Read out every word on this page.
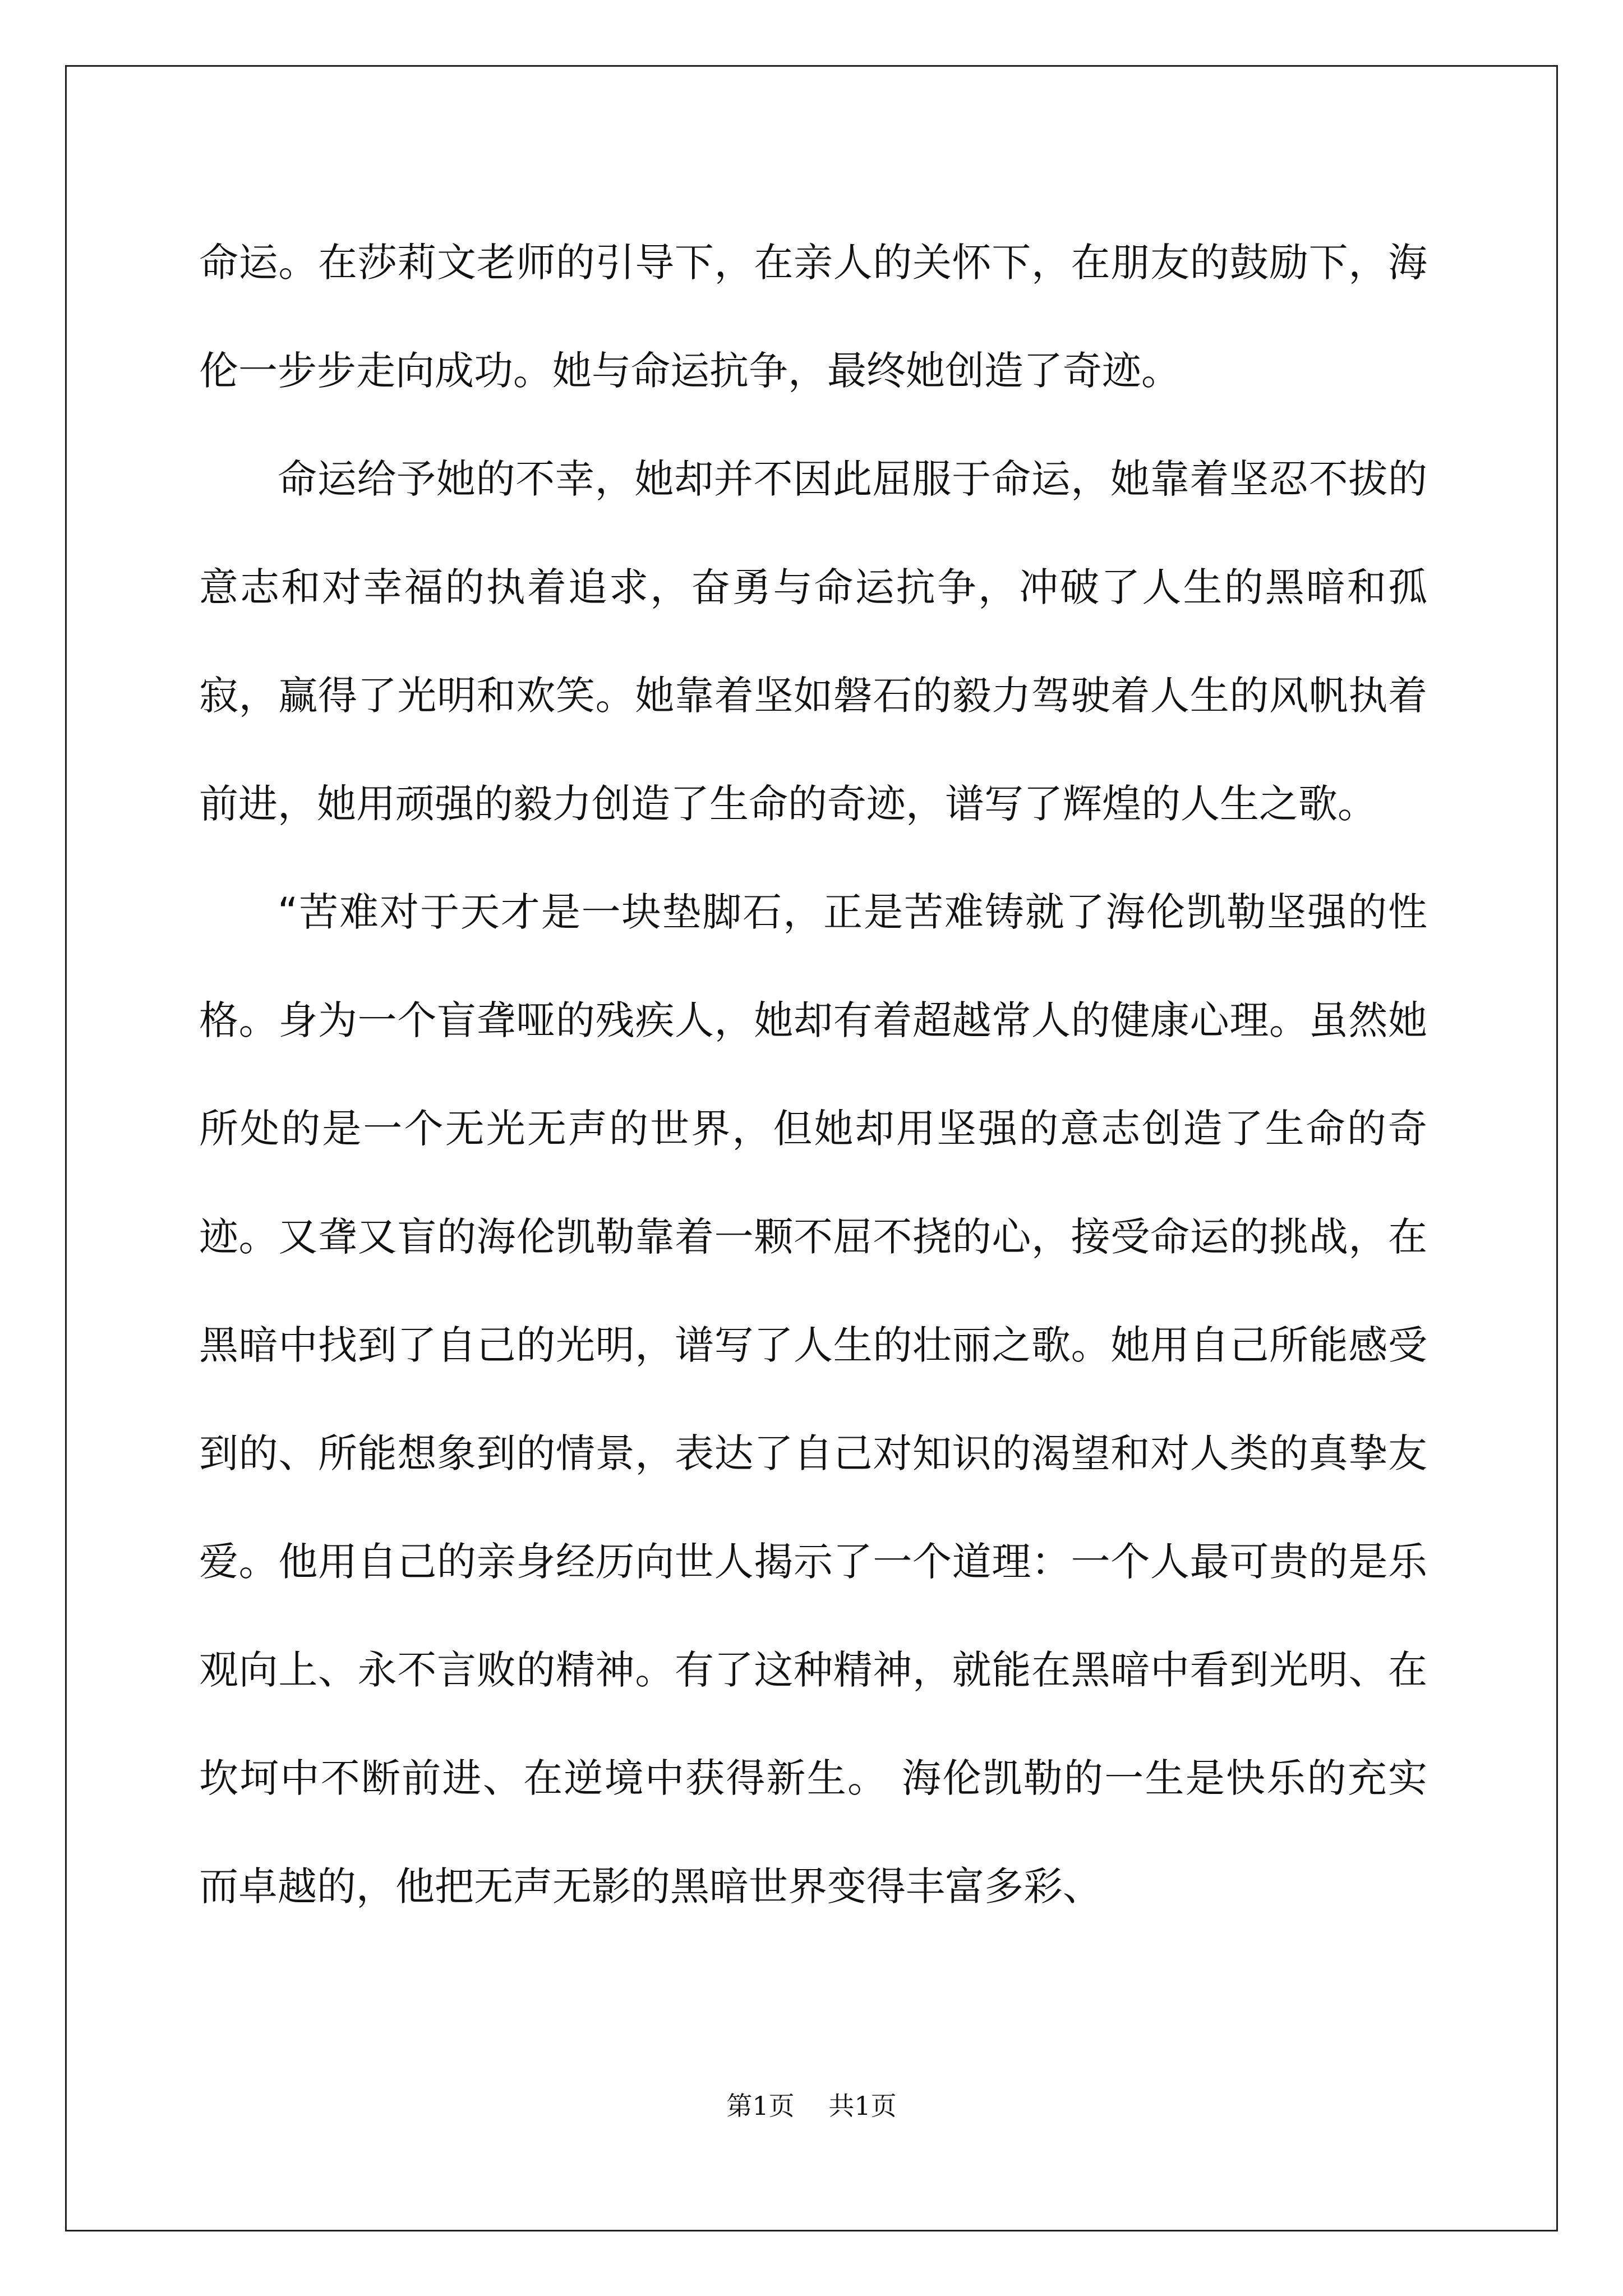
命运。在莎莉文老师的引导下，在亲人的关怀下，在朋友的鼓励下，海伦一步步走向成功。她与命运抗争，最终她创造了奇迹。

命运给予她的不幸，她却并不因此屈服于命运，她靠着坚忍不拔的意志和对幸福的执着追求，奋勇与命运抗争，冲破了人生的黑暗和孤寂，赢得了光明和欢笑。她靠着坚如磐石的毅力驾驶着人生的风帆执着前进，她用顽强的毅力创造了生命的奇迹，谱写了辉煌的人生之歌。

“苦难对于天才是一块垫脚石，正是苦难铸就了海伦凯勒坚强的性格。身为一个盲聋哑的残疾人，她却有着超越常人的健康心理。虽然她所处的是一个无光无声的世界，但她却用坚强的意志创造了生命的奇迹。又聋又盲的海伦凯勒靠着一颗不屈不挠的心，接受命运的挑战，在黑暗中找到了自己的光明，谱写了人生的壮丽之歌。她用自己所能感受到的、所能想象到的情景，表达了自己对知识的渴望和对人类的真挚友爱。他用自己的亲身经历向世人揭示了一个道理：一个人最可贵的是乐观向上、永不言败的精神。有了这种精神，就能在黑暗中看到光明、在坎坷中不断前进、在逆境中获得新生。 海伦凯勒的一生是快乐的充实而卓越的，他把无声无影的黑暗世界变得丰富多彩、

第1页 共1页
